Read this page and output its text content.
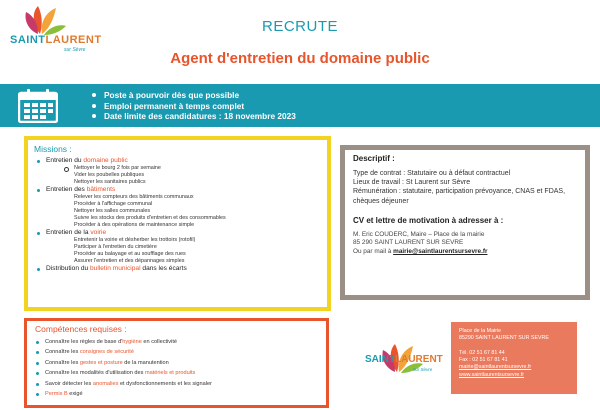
SAINTLAURENT
sur Sèvre
RECRUTE
Agent d'entretien du domaine public
Poste à pourvoir dès que possible
Emploi permanent à temps complet
Date limite des candidatures : 18 novembre 2023
Missions :
Entretien du domaine public
Nettoyer le bourg 2 fois par semaine
Vider les poubelles publiques
Nettoyer les sanitaires publics
Entretien des bâtiments
Relever les compteurs des bâtiments communaux
Procéder à l'affichage communal
Nettoyer les salles communales
Suivre les stocks des produits d'entretien et des consommables
Procéder à des opérations de maintenance simple
Entretien de la voirie
Entretenir la voirie et désherber les trottoirs (rotofil)
Participer à l'entretien du cimetière
Procéder au balayage et au soufflage des rues
Assurer l'entretien et des dépannages simples
Distribution du bulletin municipal dans les écarts
Descriptif :
Type de contrat : Statutaire ou à défaut contractuel
Lieux de travail : St Laurent sur Sèvre
Rémunération : statutaire, participation prévoyance, CNAS et FDAS, chèques déjeuner
CV et lettre de motivation à adresser à :
M. Eric COUDERC, Maire – Place de la mairie
85 290 SAINT LAURENT SUR SEVRE
Ou par mail à mairie@saintlaurentsursevre.fr
Compétences requises :
Connaître les règles de base d'hygiène en collectivité
Connaître les consignes de sécurité
Connaître les gestes et posture de la manutention
Connaître les modalités d'utilisation des matériels et produits
Savoir détecter les anomalies et dysfonctionnements et les signaler
Permis B exigé
SAINTLAURENT
sur Sèvre
Place de la Mairie
85290 SAINT LAURENT SUR SEVRE

Tél. 02 51 67 81 44
Fax : 02 51 67 81 41
mairie@saintlaurentsursevre.fr
www.saintlaurentsursevre.fr
